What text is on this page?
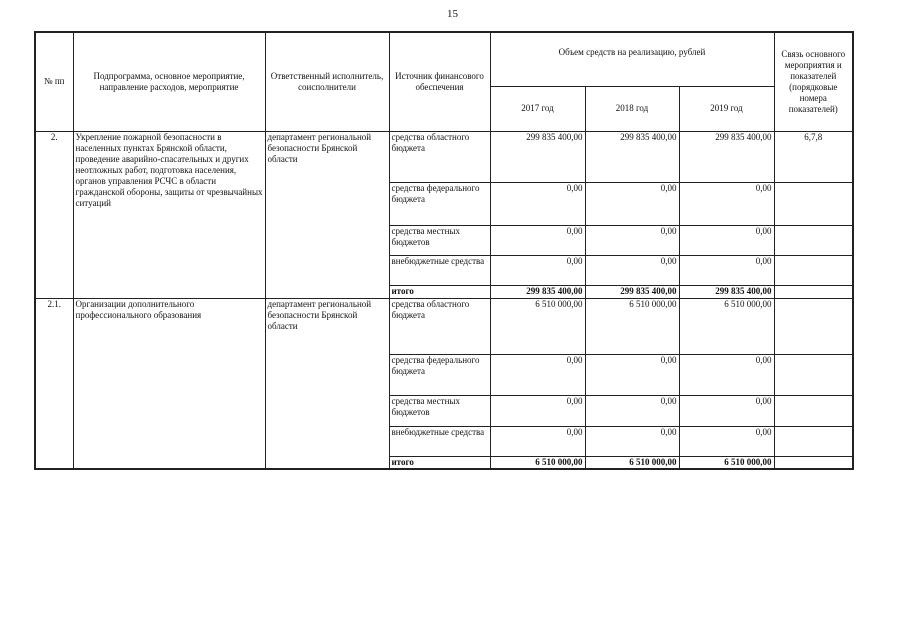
15
№ пп	Подпрограмма, основное мероприятие, направление расходов, мероприятие	Ответственный исполнитель, соисполнители	Источник финансового обеспечения	Объем средств на реализацию, рублей			Связь основного мероприятия и показателей (порядковые номера показателей)
				2017 год	2018 год	2019 год	
2.	Укрепление пожарной безопасности в населенных пунктах Брянской области, проведение аварийно-спасательных и других неотложных работ, подготовка населения, органов управления РСЧС в области гражданской обороны, защиты от чрезвычайных ситуаций	департамент региональной безопасности Брянской области	средства областного бюджета	299 835 400,00	299 835 400,00	299 835 400,00	6,7,8
			средства федерального бюджета	0,00	0,00	0,00	
			средства местных бюджетов	0,00	0,00	0,00	
			внебюджетные средства	0,00	0,00	0,00	
			итого	299 835 400,00	299 835 400,00	299 835 400,00	
2.1.	Организации дополнительного профессионального образования	департамент региональной безопасности Брянской области	средства областного бюджета	6 510 000,00	6 510 000,00	6 510 000,00	
			средства федерального бюджета	0,00	0,00	0,00	
			средства местных бюджетов	0,00	0,00	0,00	
			внебюджетные средства	0,00	0,00	0,00	
			итого	6 510 000,00	6 510 000,00	6 510 000,00	
